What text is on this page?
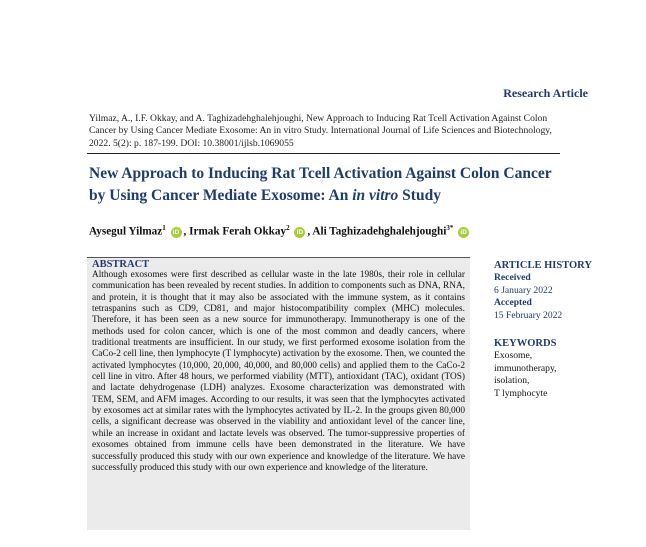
Research Article
Yilmaz, A., I.F. Okkay, and A. Taghizadehghalehjoughi, New Approach to Inducing Rat Tcell Activation Against Colon Cancer by Using Cancer Mediate Exosome: An in vitro Study. International Journal of Life Sciences and Biotechnology, 2022. 5(2): p. 187-199. DOI: 10.38001/ijlsb.1069055
New Approach to Inducing Rat Tcell Activation Against Colon Cancer by Using Cancer Mediate Exosome: An in vitro Study
Aysegul Yilmaz$^1$ iD , Irmak Ferah Okkay$^2$ iD , Ali Taghizadehghalehjoughi$^{3*}$ iD
ABSTRACT
Although exosomes were first described as cellular waste in the late 1980s, their role in cellular communication has been revealed by recent studies. In addition to components such as DNA, RNA, and protein, it is thought that it may also be associated with the immune system, as it contains tetraspanins such as CD9, CD81, and major histocompatibility complex (MHC) molecules. Therefore, it has been seen as a new source for immunotherapy. Immunotherapy is one of the methods used for colon cancer, which is one of the most common and deadly cancers, where traditional treatments are insufficient. In our study, we first performed exosome isolation from the CaCo-2 cell line, then lymphocyte (T lymphocyte) activation by the exosome. Then, we counted the activated lymphocytes (10,000, 20,000, 40,000, and 80,000 cells) and applied them to the CaCo-2 cell line in vitro. After 48 hours, we performed viability (MTT), antioxidant (TAC), oxidant (TOS) and lactate dehydrogenase (LDH) analyzes. Exosome characterization was demonstrated with TEM, SEM, and AFM images. According to our results, it was seen that the lymphocytes activated by exosomes act at similar rates with the lymphocytes activated by IL-2. In the groups given 80,000 cells, a significant decrease was observed in the viability and antioxidant level of the cancer line, while an increase in oxidant and lactate levels was observed. The tumor-suppressive properties of exosomes obtained from immune cells have been demonstrated in the literature. We have successfully produced this study with our own experience and knowledge of the literature. We have successfully produced this study with our own experience and knowledge of the literature.
ARTICLE HISTORY
Received
6 January 2022
Accepted
15 February 2022
KEYWORDS
Exosome,
immunotherapy,
isolation,
T lymphocyte
